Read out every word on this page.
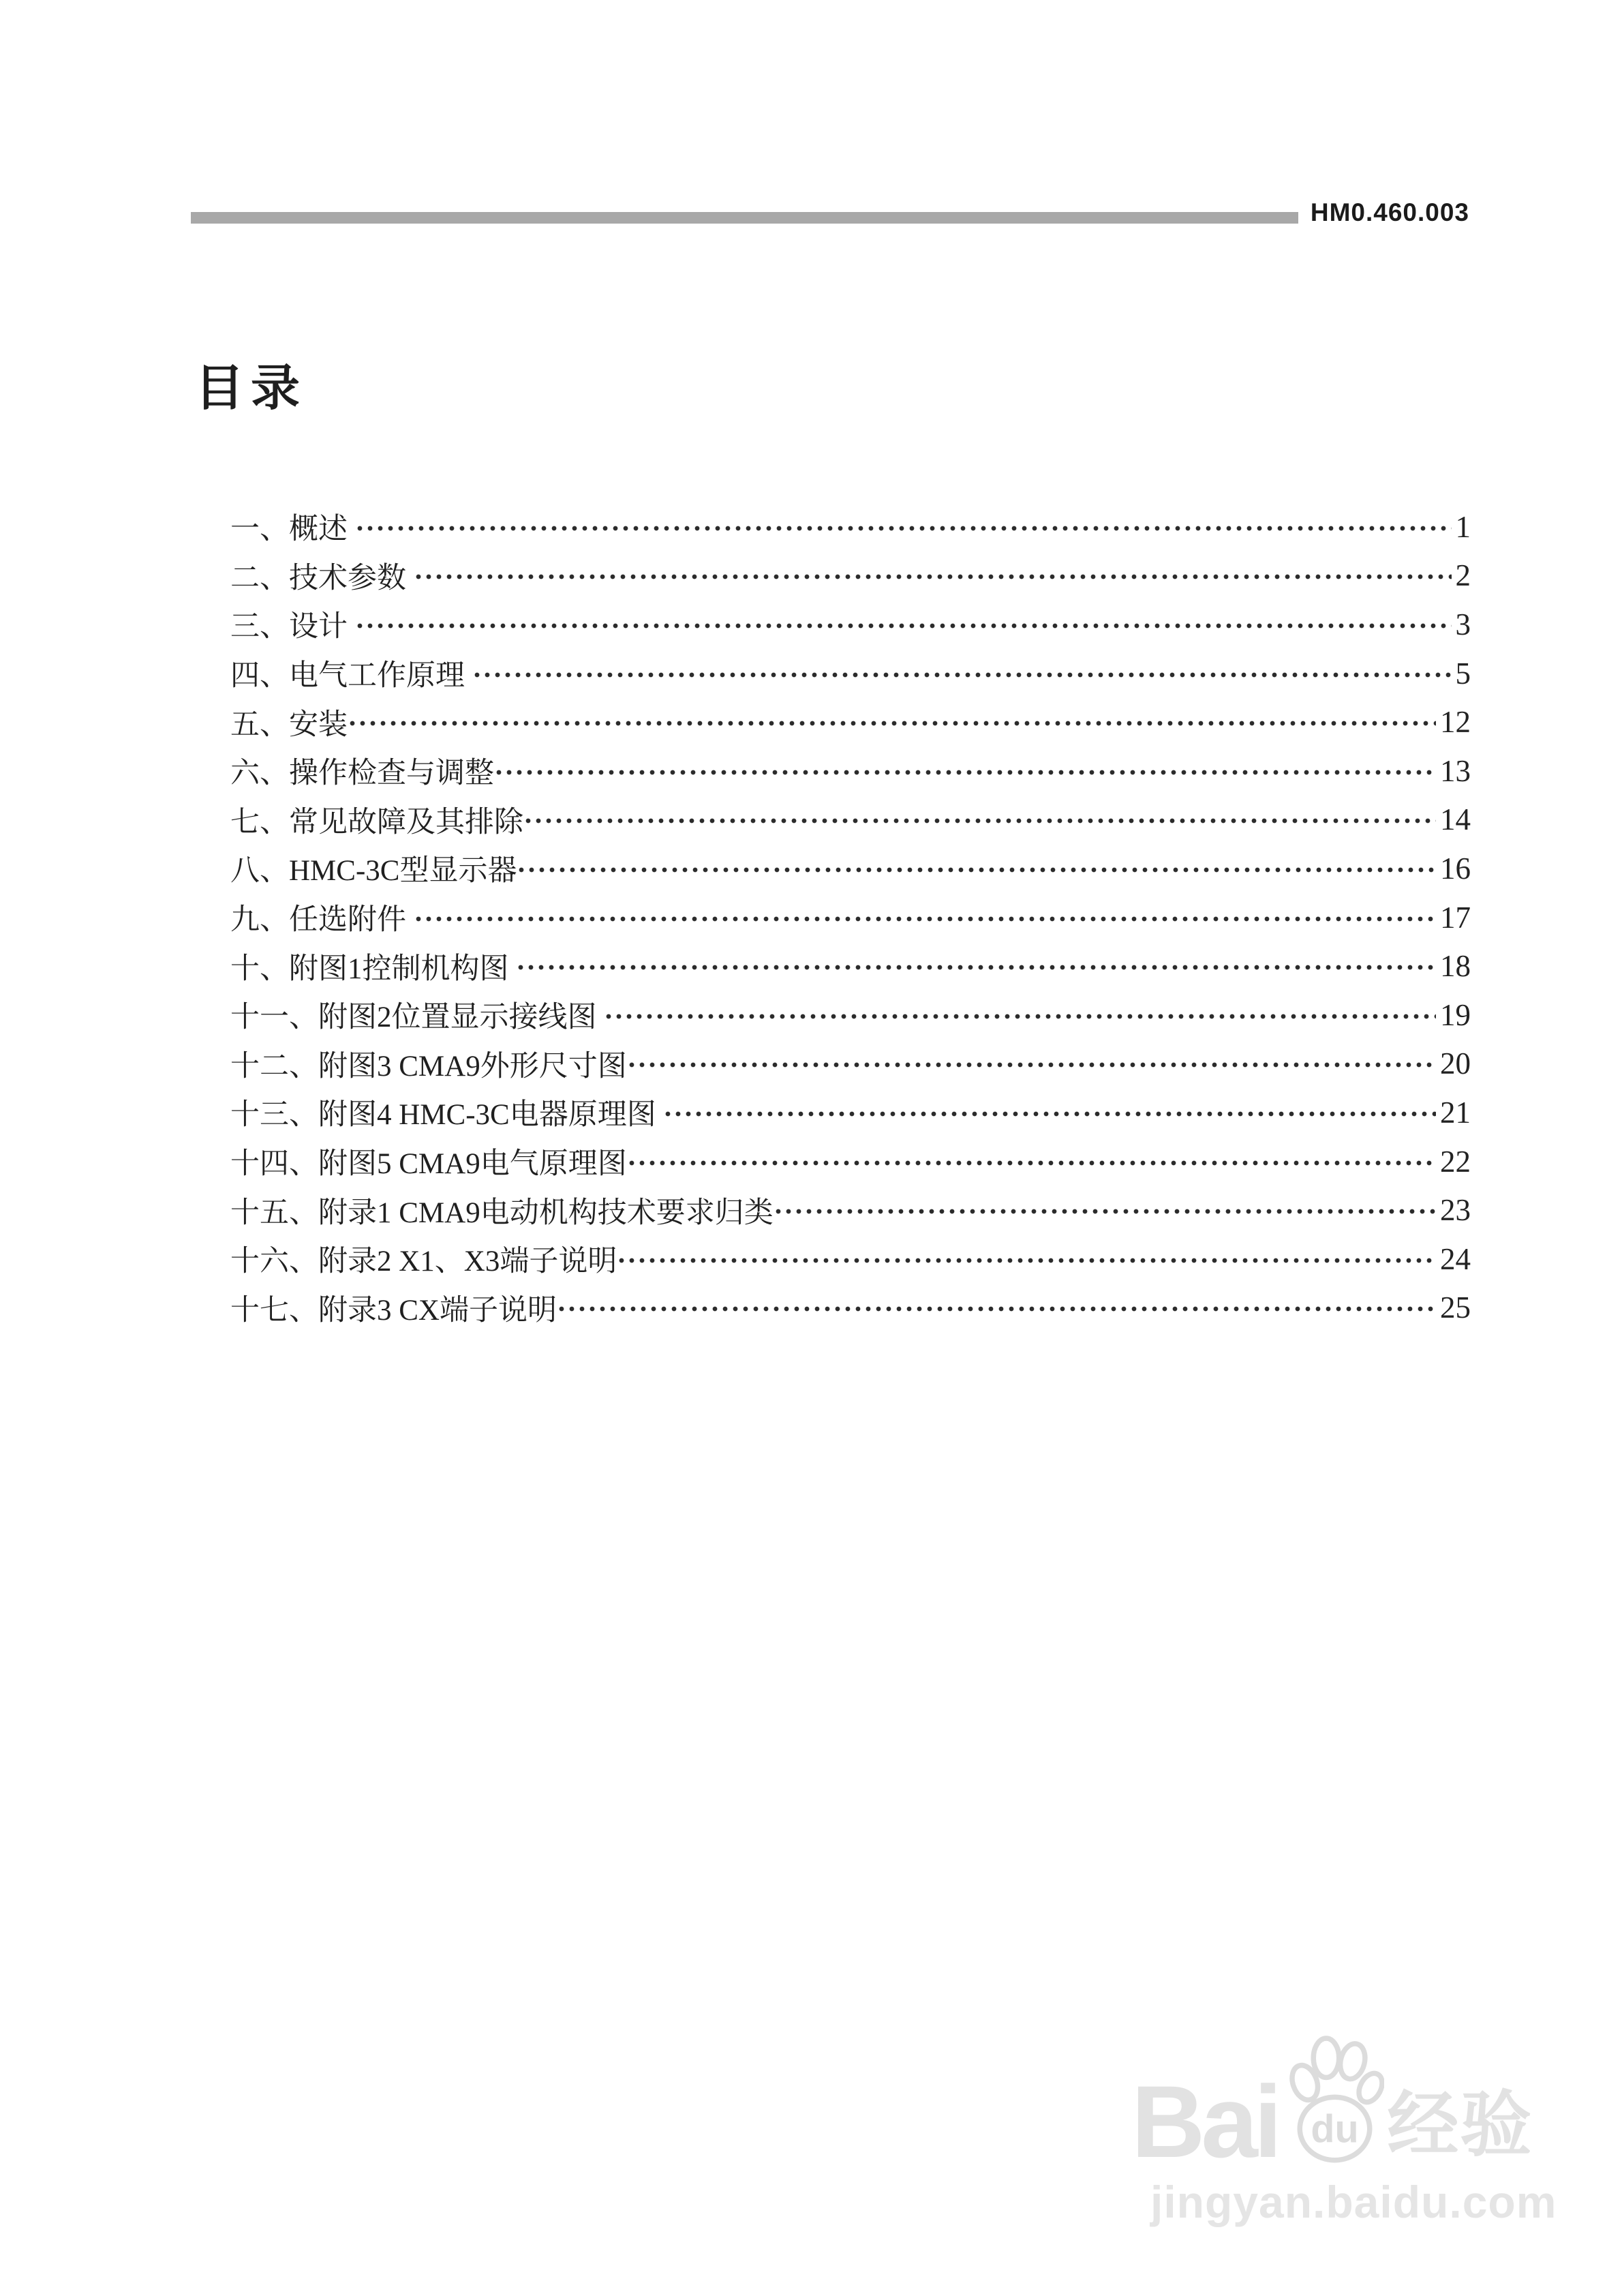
HM0.460.003
目录
一、概述	1
二、技术参数	2
三、设计	3
四、电气工作原理	5
五、安装	12
六、操作检查与调整	13
七、常见故障及其排除	14
八、HMC-3C型显示器	16
九、任选附件	17
十、附图1控制机构图	18
十一、附图2位置显示接线图	19
十二、附图3 CMA9外形尺寸图	20
十三、附图4 HMC-3C电器原理图	21
十四、附图5 CMA9电气原理图	22
十五、附录1 CMA9电动机构技术要求归类	23
十六、附录2 X1、X3端子说明	24
十七、附录3 CX端子说明	25
Bai du 经验
jingyan.baidu.com
